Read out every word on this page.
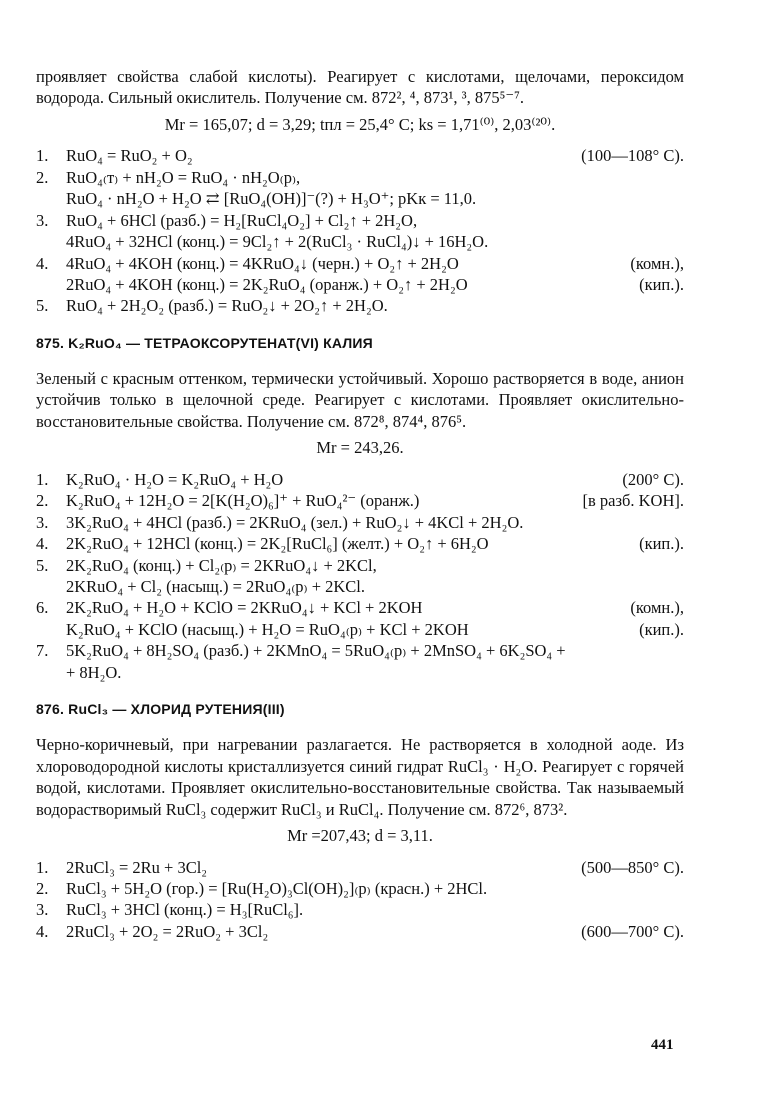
проявляет свойства слабой кислоты). Реагирует с кислотами, щелочами, пероксидом водорода. Сильный окислитель. Получение см. 872², ⁴, 873¹, ³, 875⁵⁻⁷.

Mr = 165,07; d = 3,29; tпл = 25,4° C; ks = 1,71⁽⁰⁾, 2,03⁽²⁰⁾.
1.	RuO₄ = RuO₂ + O₂	(100—108° C).
2.	RuO₄₍т₎ + nH₂O = RuO₄ · nH₂O₍р₎,
RuO₄ · nH₂O + H₂O ⇄ [RuO₄(OH)]⁻(?) + H₃O⁺; pKк = 11,0.
3.	RuO₄ + 6HCl (разб.) = H₂[RuCl₄O₂] + Cl₂↑ + 2H₂O,
4RuO₄ + 32HCl (конц.) = 9Cl₂↑ + 2(RuCl₃ · RuCl₄)↓ + 16H₂O.
4.	4RuO₄ + 4KOH (конц.) = 4KRuO₄↓ (черн.) + O₂↑ + 2H₂O	(комн.),
2RuO₄ + 4KOH (конц.) = 2K₂RuO₄ (оранж.) + O₂↑ + 2H₂O	(кип.).
5.	RuO₄ + 2H₂O₂ (разб.) = RuO₂↓ + 2O₂↑ + 2H₂O.
875. K₂RuO₄ — ТЕТРАОКСОРУТЕНАТ(VI) КАЛИЯ

Зеленый с красным оттенком, термически устойчивый. Хорошо растворяется в воде, анион устойчив только в щелочной среде. Реагирует с кислотами. Проявляет окислительно-восстановительные свойства. Получение см. 872⁸, 874⁴, 876⁵.

Mr = 243,26.
1.	K₂RuO₄ · H₂O = K₂RuO₄ + H₂O	(200° C).
2.	K₂RuO₄ + 12H₂O = 2[K(H₂O)₆]⁺ + RuO₄²⁻ (оранж.)	[в разб. KOH].
3.	3K₂RuO₄ + 4HCl (разб.) = 2KRuO₄ (зел.) + RuO₂↓ + 4KCl + 2H₂O.
4.	2K₂RuO₄ + 12HCl (конц.) = 2K₂[RuCl₆] (желт.) + O₂↑ + 6H₂O	(кип.).
5.	2K₂RuO₄ (конц.) + Cl₂₍р₎ = 2KRuO₄↓ + 2KCl,
2KRuO₄ + Cl₂ (насыщ.) = 2RuO₄₍р₎ + 2KCl.
6.	2K₂RuO₄ + H₂O + KClO = 2KRuO₄↓ + KCl + 2KOH	(комн.),
K₂RuO₄ + KClO (насыщ.) + H₂O = RuO₄₍р₎ + KCl + 2KOH	(кип.).
7.	5K₂RuO₄ + 8H₂SO₄ (разб.) + 2KMnO₄ = 5RuO₄₍р₎ + 2MnSO₄ + 6K₂SO₄ +
+ 8H₂O.
876. RuCl₃ — ХЛОРИД РУТЕНИЯ(III)

Черно-коричневый, при нагревании разлагается. Не растворяется в холодной аоде. Из хлороводородной кислоты кристаллизуется синий гидрат RuCl₃ · H₂O. Реагирует с горячей водой, кислотами. Проявляет окислительно-восстановительные свойства. Так называемый водорастворимый RuCl₃ содержит RuCl₃ и RuCl₄. Получение см. 872⁶, 873².

Mr =207,43; d = 3,11.
1.	2RuCl₃ = 2Ru + 3Cl₂	(500—850° C).
2.	RuCl₃ + 5H₂O (гор.) = [Ru(H₂O)₃Cl(OH)₂]₍р₎ (красн.) + 2HCl.
3.	RuCl₃ + 3HCl (конц.) = H₃[RuCl₆].
4.	2RuCl₃ + 2O₂ = 2RuO₂ + 3Cl₂	(600—700° C).
441
